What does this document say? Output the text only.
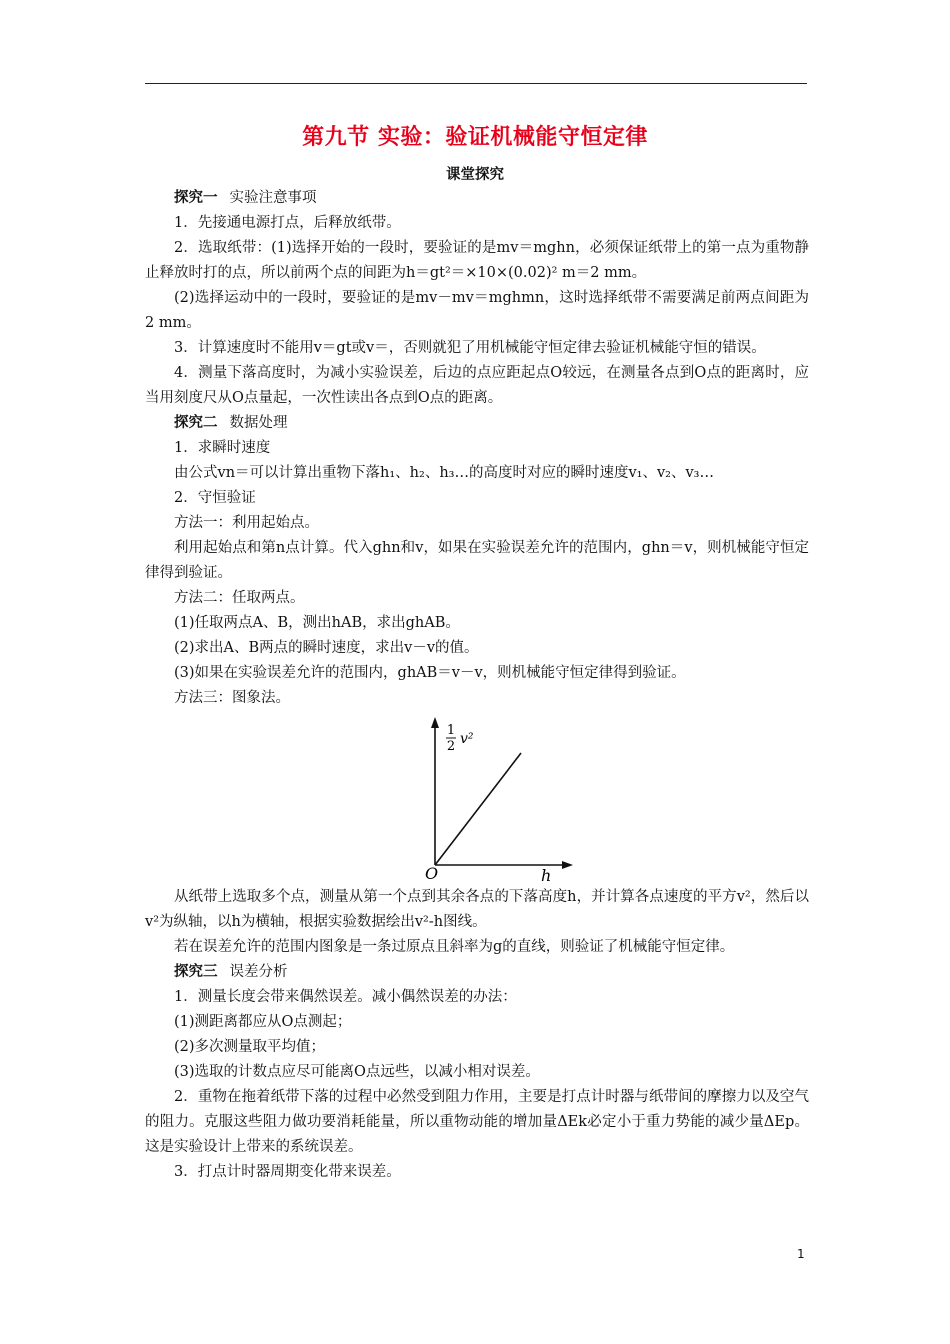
第九节 实验：验证机械能守恒定律
课堂探究

探究一 实验注意事项

1．先接通电源打点，后释放纸带。

2．选取纸带：(1)选择开始的一段时，要验证的是mv＝mghn，必须保证纸带上的第一点为重物静止释放时打的点，所以前两个点的间距为h＝gt²＝×10×(0.02)² m＝2 mm。

(2)选择运动中的一段时，要验证的是mv－mv＝mghmn，这时选择纸带不需要满足前两点间距为2 mm。

3．计算速度时不能用v＝gt或v＝，否则就犯了用机械能守恒定律去验证机械能守恒的错误。

4．测量下落高度时，为减小实验误差，后边的点应距起点O较远，在测量各点到O点的距离时，应当用刻度尺从O点量起，一次性读出各点到O点的距离。

探究二 数据处理

1．求瞬时速度

由公式vn＝可以计算出重物下落h₁、h₂、h₃…的高度时对应的瞬时速度v₁、v₂、v₃…

2．守恒验证

方法一：利用起始点。

利用起始点和第n点计算。代入ghn和v，如果在实验误差允许的范围内，ghn＝v，则机械能守恒定律得到验证。

方法二：任取两点。

(1)任取两点A、B，测出hAB，求出ghAB。

(2)求出A、B两点的瞬时速度，求出v－v的值。

(3)如果在实验误差允许的范围内，ghAB＝v－v，则机械能守恒定律得到验证。

方法三：图象法。

1
2 v²
O	h

从纸带上选取多个点，测量从第一个点到其余各点的下落高度h，并计算各点速度的平方v²，然后以v²为纵轴，以h为横轴，根据实验数据绘出v²-h图线。

若在误差允许的范围内图象是一条过原点且斜率为g的直线，则验证了机械能守恒定律。

探究三 误差分析

1．测量长度会带来偶然误差。减小偶然误差的办法：

(1)测距离都应从O点测起；

(2)多次测量取平均值；

(3)选取的计数点应尽可能离O点远些，以减小相对误差。

2．重物在拖着纸带下落的过程中必然受到阻力作用，主要是打点计时器与纸带间的摩擦力以及空气的阻力。克服这些阻力做功要消耗能量，所以重物动能的增加量ΔEk必定小于重力势能的减少量ΔEp。这是实验设计上带来的系统误差。

3．打点计时器周期变化带来误差。

1
